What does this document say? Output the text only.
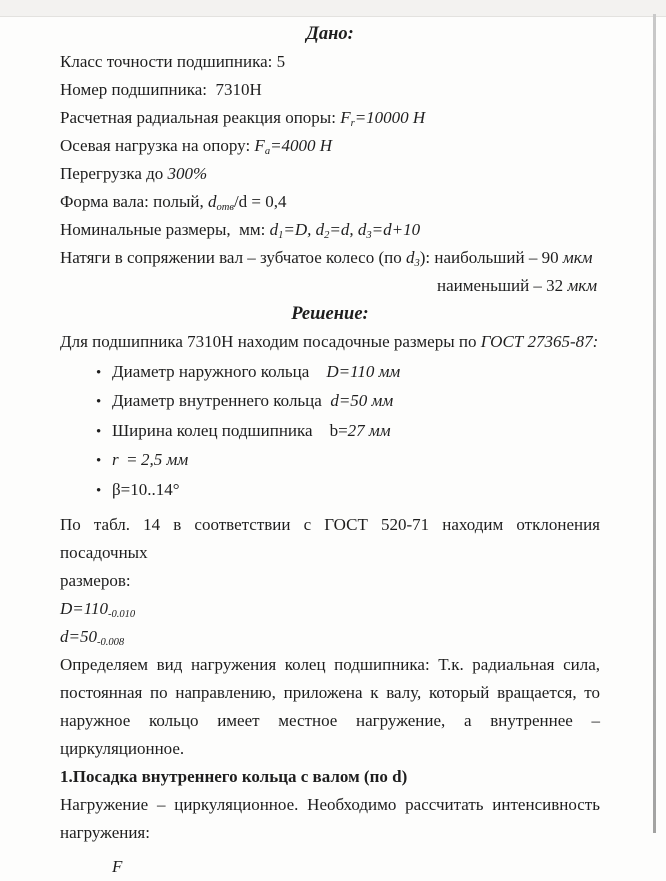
Дано:
Класс точности подшипника: 5
Номер подшипника:  7310Н
Расчетная радиальная реакция опоры: $F_r=10000$ Н
Осевая нагрузка на опору: $F_a=4000$ Н
Перегрузка до 300%
Форма вала: полый, $d_{отв}/d = 0,4$
Номинальные размеры,  мм: $d_1=D$, $d_2=d$, $d_3=d+10$
Натяги в сопряжении вал – зубчатое колесо (по $d_3$): наибольший – 90 мкм
наименьший – 32 мкм
Решение:
Для подшипника 7310Н находим посадочные размеры по ГОСТ 27365-87:
• Диаметр наружного кольца    D=110 мм
• Диаметр внутреннего кольца  d=50 мм
• Ширина колец подшипника    b=27 мм
• r  = 2,5 мм
• β=10..14°
По табл. 14 в соответствии с ГОСТ 520-71 находим отклонения посадочных
размеров:
$D=110_{-0.010}$
$d=50_{-0.008}$
Определяем вид нагружения колец подшипника: Т.к. радиальная сила,
постоянная по направлению, приложена к валу, который вращается, то
наружное кольцо имеет местное нагружение, а внутреннее –
циркуляционное.
1.Посадка внутреннего кольца с валом (по d)
Нагружение – циркуляционное. Необходимо рассчитать интенсивность
нагружения:
F
